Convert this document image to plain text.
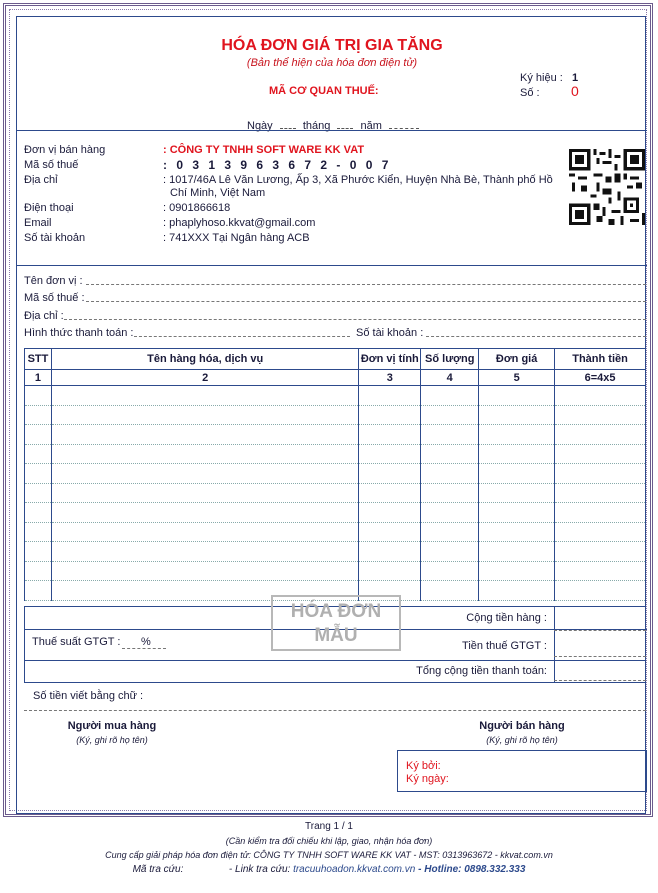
HÓA ĐƠN GIÁ TRỊ GIA TĂNG
(Bản thể hiện của hóa đơn điện tử)
MÃ CƠ QUAN THUẾ:
Ký hiệu : 1
Số : 0
Ngày	tháng	năm
Đơn vị bán hàng	: CÔNG TY TNHH SOFT WARE KK VAT
Mã số thuế	: 0 3 1 3 9 6 3 6 7 2 - 0 0 7
Địa chỉ	: 1017/46A Lê Văn Lương, Ấp 3, Xã Phước Kiển, Huyện Nhà Bè, Thành phố Hồ
Chí Minh, Việt Nam
Điện thoại	: 0901866618
Email	: phaplyhoso.kkvat@gmail.com
Số tài khoản	: 741XXX Tại Ngân hàng ACB
Tên đơn vị :
Mã số thuế :
Địa chỉ :
Hình thức thanh toán :	Số tài khoản :
STT	Tên hàng hóa, dịch vụ	Đơn vị tính	Số lượng	Đơn giá	Thành tiền
1	2	3	4	5	6=4x5

Cộng tiền hàng :
Thuế suất GTGT : %	Tiền thuế GTGT :
Tổng cộng tiền thanh toán:
Số tiền viết bằng chữ :
HÓA ĐƠN
MẪU
Người mua hàng
(Ký, ghi rõ họ tên)
Người bán hàng
(Ký, ghi rõ họ tên)
Ký bởi:
Ký ngày:
Trang 1 / 1
(Cần kiểm tra đối chiếu khi lập, giao, nhận hóa đơn)
Cung cấp giải pháp hóa đơn điện tử: CÔNG TY TNHH SOFT WARE KK VAT - MST: 0313963672 - kkvat.com.vn
Mã tra cứu:	- Link tra cứu: tracuuhoadon.kkvat.com.vn - Hotline: 0898.332.333
